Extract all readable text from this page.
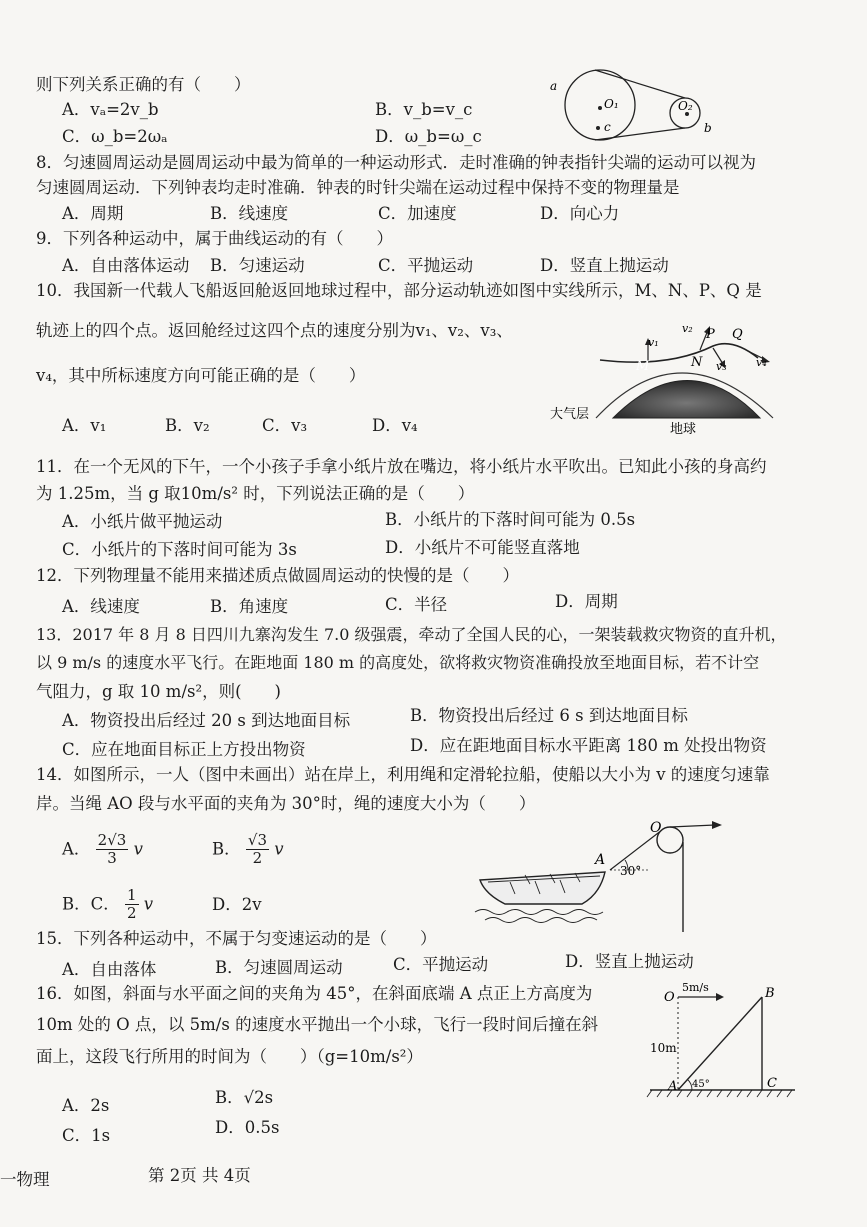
则下列关系正确的有（　　）
A．vₐ=2v_b	B．v_b=v_c
C．ω_b=2ωₐ	D．ω_b=ω_c
a
O₁
c
O₂
b
8．匀速圆周运动是圆周运动中最为简单的一种运动形式．走时准确的钟表指针尖端的运动可以视为
匀速圆周运动．下列钟表均走时准确．钟表的时针尖端在运动过程中保持不变的物理量是
A．周期	B．线速度	C．加速度	D．向心力
9．下列各种运动中，属于曲线运动的有（　　）
A．自由落体运动 B．匀速运动	C．平抛运动	D．竖直上抛运动
10．我国新一代载人飞船返回舱返回地球过程中，部分运动轨迹如图中实线所示，M、N、P、Q 是
轨迹上的四个点。返回舱经过这四个点的速度分别为v₁、v₂、v₃、
v₄，其中所标速度方向可能正确的是（　　）
A．v₁	B．v₂	C．v₃	D．v₄
M	N
P Q
v₁
v₂
v₃	v₄
大气层
地球
11．在一个无风的下午，一个小孩子手拿小纸片放在嘴边，将小纸片水平吹出。已知此小孩的身高约
为 1.25m，当 g 取10m/s² 时，下列说法正确的是（　　）
A．小纸片做平抛运动	B．小纸片的下落时间可能为 0.5s
C．小纸片的下落时间可能为 3s	D．小纸片不可能竖直落地
12．下列物理量不能用来描述质点做圆周运动的快慢的是（　　）
A．线速度	B．角速度	C．半径	D．周期
13．2017 年 8 月 8 日四川九寨沟发生 7.0 级强震，牵动了全国人民的心，一架装载救灾物资的直升机，
以 9 m/s 的速度水平飞行。在距地面 180 m 的高度处，欲将救灾物资准确投放至地面目标，若不计空
气阻力，g 取 10 m/s²，则(　　)
A．物资投出后经过 20 s 到达地面目标	B．物资投出后经过 6 s 到达地面目标
C．应在地面目标正上方投出物资	D．应在距地面目标水平距离 180 m 处投出物资
14．如图所示，一人（图中未画出）站在岸上，利用绳和定滑轮拉船，使船以大小为 v 的速度匀速靠
岸。当绳 AO 段与水平面的夹角为 30°时，绳的速度大小为（　　）
A． $\frac{2√3}{3}$ v	B． $\frac{√3}{2}$ v
B．C． $\frac{1}{2}$ v	D．2v
O
A
30°
15．下列各种运动中，不属于匀变速运动的是（　　）
A．自由落体	B．匀速圆周运动	C．平抛运动	D．竖直上抛运动
16．如图，斜面与水平面之间的夹角为 45°，在斜面底端 A 点正上方高度为
10m 处的 O 点，以 5m/s 的速度水平抛出一个小球，飞行一段时间后撞在斜
面上，这段飞行所用的时间为（　　）（g=10m/s²）
A．2s	B．√2s
C．1s	D．0.5s
O
5m/s
10m
B
A 45°	C
一物理	第 2页 共 4页
